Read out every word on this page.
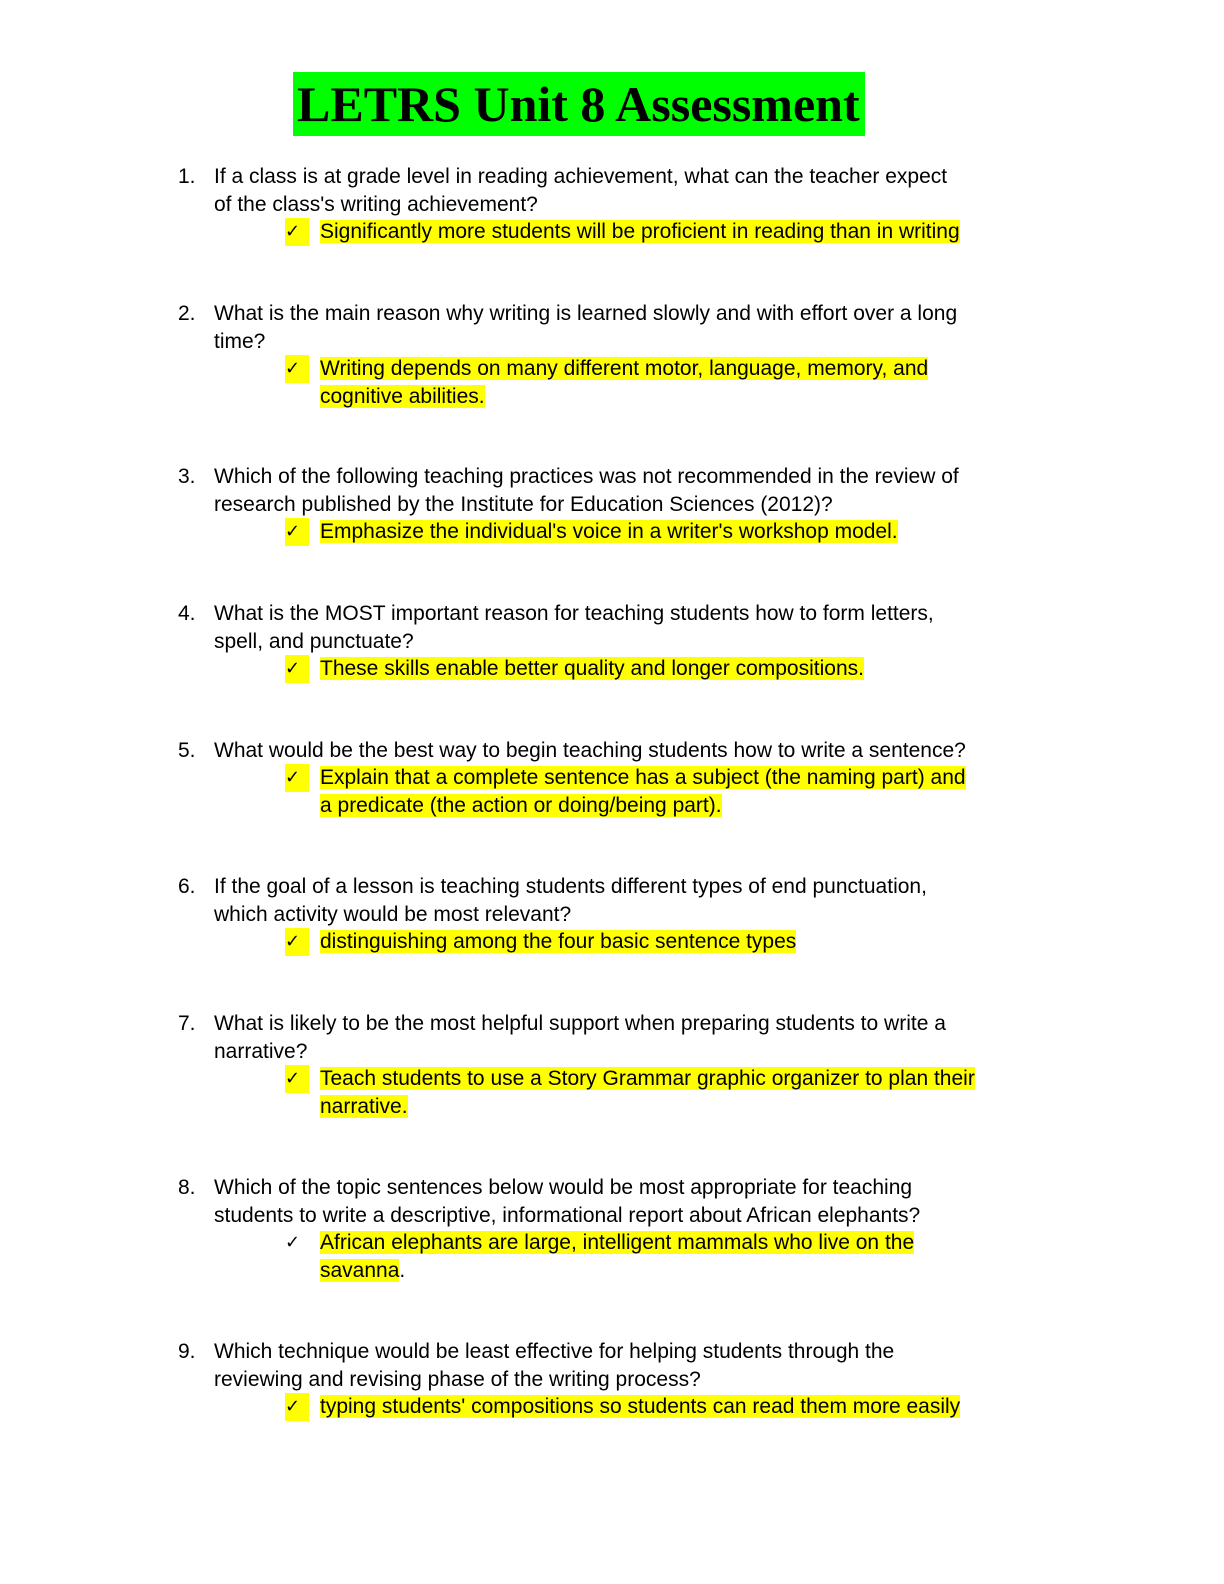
LETRS Unit 8 Assessment
1. If a class is at grade level in reading achievement, what can the teacher expect
of the class's writing achievement?
✓ Significantly more students will be proficient in reading than in writing
2. What is the main reason why writing is learned slowly and with effort over a long
time?
✓ Writing depends on many different motor, language, memory, and
cognitive abilities.
3. Which of the following teaching practices was not recommended in the review of
research published by the Institute for Education Sciences (2012)?
✓ Emphasize the individual's voice in a writer's workshop model.
4. What is the MOST important reason for teaching students how to form letters,
spell, and punctuate?
✓ These skills enable better quality and longer compositions.
5. What would be the best way to begin teaching students how to write a sentence?
✓ Explain that a complete sentence has a subject (the naming part) and
a predicate (the action or doing/being part).
6. If the goal of a lesson is teaching students different types of end punctuation,
which activity would be most relevant?
✓ distinguishing among the four basic sentence types
7. What is likely to be the most helpful support when preparing students to write a
narrative?
✓ Teach students to use a Story Grammar graphic organizer to plan their
narrative.
8. Which of the topic sentences below would be most appropriate for teaching
students to write a descriptive, informational report about African elephants?
✓ African elephants are large, intelligent mammals who live on the
savanna.
9. Which technique would be least effective for helping students through the
reviewing and revising phase of the writing process?
✓ typing students' compositions so students can read them more easily
